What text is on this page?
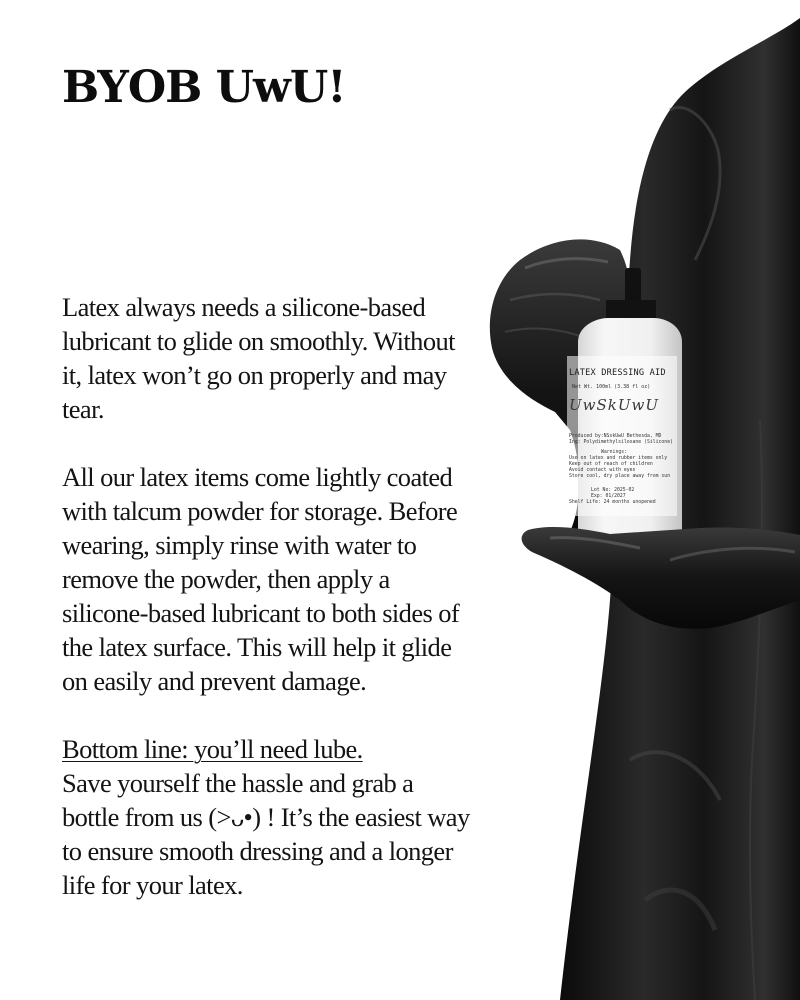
BYOB UwU!

Latex always needs a silicone-based lubricant to glide on smoothly. Without it, latex won’t go on properly and may tear.

All our latex items come lightly coated with talcum powder for storage. Before wearing, simply rinse with water to remove the powder, then apply a silicone-based lubricant to both sides of the latex surface. This will help it glide on easily and prevent damage.

Bottom line: you’ll need lube.
Save yourself the hassle and grab a bottle from us (>ᴗ•) ! It’s the easiest way to ensure smooth dressing and a longer life for your latex.

LATEX DRESSING AID
Net Wt. 100ml (3.38 fl oz)
UwSkUwU
Produced by:NSskUwU Bethesda, MD
Ing: Polydimethylsiloxane (Silicone)
Warnings:
Use on latex and rubber items only
Keep out of reach of children
Avoid contact with eyes
Store cool, dry place away from sun
Lot No: 2025-02
Exp: 01/2027
Shelf Life: 24 months unopened
